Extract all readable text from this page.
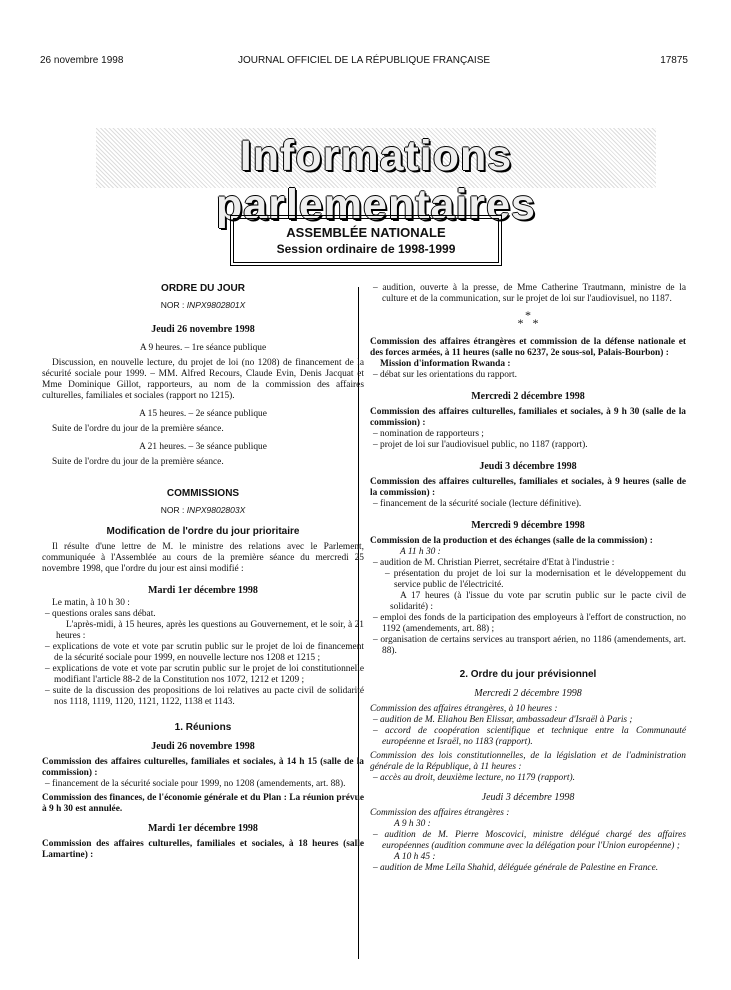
26 novembre 1998	JOURNAL OFFICIEL DE LA RÉPUBLIQUE FRANÇAISE	17875
Informations parlementaires
ASSEMBLÉE NATIONALE
Session ordinaire de 1998-1999

ORDRE DU JOUR

NOR : INPX9802801X

Jeudi 26 novembre 1998

A 9 heures. – 1re séance publique

Discussion, en nouvelle lecture, du projet de loi (no 1208) de financement de la sécurité sociale pour 1999. – MM. Alfred Recours, Claude Evin, Denis Jacquat et Mme Dominique Gillot, rapporteurs, au nom de la commission des affaires culturelles, familiales et sociales (rapport no 1215).

A 15 heures. – 2e séance publique

Suite de l'ordre du jour de la première séance.

A 21 heures. – 3e séance publique

Suite de l'ordre du jour de la première séance.

COMMISSIONS

NOR : INPX9802803X

Modification de l'ordre du jour prioritaire

Il résulte d'une lettre de M. le ministre des relations avec le Parlement, communiquée à l'Assemblée au cours de la première séance du mercredi 25 novembre 1998, que l'ordre du jour est ainsi modifié :

Mardi 1er décembre 1998

Le matin, à 10 h 30 :

– questions orales sans débat.

L'après-midi, à 15 heures, après les questions au Gouvernement, et le soir, à 21 heures :

– explications de vote et vote par scrutin public sur le projet de loi de financement de la sécurité sociale pour 1999, en nouvelle lecture nos 1208 et 1215 ;

– explications de vote et vote par scrutin public sur le projet de loi constitutionnelle modifiant l'article 88-2 de la Constitution nos 1072, 1212 et 1209 ;

– suite de la discussion des propositions de loi relatives au pacte civil de solidarité nos 1118, 1119, 1120, 1121, 1122, 1138 et 1143.

1. Réunions

Jeudi 26 novembre 1998

Commission des affaires culturelles, familiales et sociales, à 14 h 15 (salle de la commission) :

– financement de la sécurité sociale pour 1999, no 1208 (amendements, art. 88).

Commission des finances, de l'économie générale et du Plan : La réunion prévue à 9 h 30 est annulée.

Mardi 1er décembre 1998

Commission des affaires culturelles, familiales et sociales, à 18 heures (salle Lamartine) :

– audition, ouverte à la presse, de Mme Catherine Trautmann, ministre de la culture et de la communication, sur le projet de loi sur l'audiovisuel, no 1187.

*
*   *

Commission des affaires étrangères et commission de la défense nationale et des forces armées, à 11 heures (salle no 6237, 2e sous-sol, Palais-Bourbon) :

Mission d'information Rwanda :

– débat sur les orientations du rapport.

Mercredi 2 décembre 1998

Commission des affaires culturelles, familiales et sociales, à 9 h 30 (salle de la commission) :

– nomination de rapporteurs ;

– projet de loi sur l'audiovisuel public, no 1187 (rapport).

Jeudi 3 décembre 1998

Commission des affaires culturelles, familiales et sociales, à 9 heures (salle de la commission) :

– financement de la sécurité sociale (lecture définitive).

Mercredi 9 décembre 1998

Commission de la production et des échanges (salle de la commission) :

A 11 h 30 :

– audition de M. Christian Pierret, secrétaire d'Etat à l'industrie :

– présentation du projet de loi sur la modernisation et le développement du service public de l'électricité.

A 17 heures (à l'issue du vote par scrutin public sur le pacte civil de solidarité) :

– emploi des fonds de la participation des employeurs à l'effort de construction, no 1192 (amendements, art. 88) ;

– organisation de certains services au transport aérien, no 1186 (amendements, art. 88).

2. Ordre du jour prévisionnel

Mercredi 2 décembre 1998

Commission des affaires étrangères, à 10 heures :

– audition de M. Eliahou Ben Elissar, ambassadeur d'Israël à Paris ;

– accord de coopération scientifique et technique entre la Communauté européenne et Israël, no 1183 (rapport).

Commission des lois constitutionnelles, de la législation et de l'administration générale de la République, à 11 heures :

– accès au droit, deuxième lecture, no 1179 (rapport).

Jeudi 3 décembre 1998

Commission des affaires étrangères :

A 9 h 30 :

– audition de M. Pierre Moscovici, ministre délégué chargé des affaires européennes (audition commune avec la délégation pour l'Union européenne) ;

A 10 h 45 :

– audition de Mme Leïla Shahid, déléguée générale de Palestine en France.
